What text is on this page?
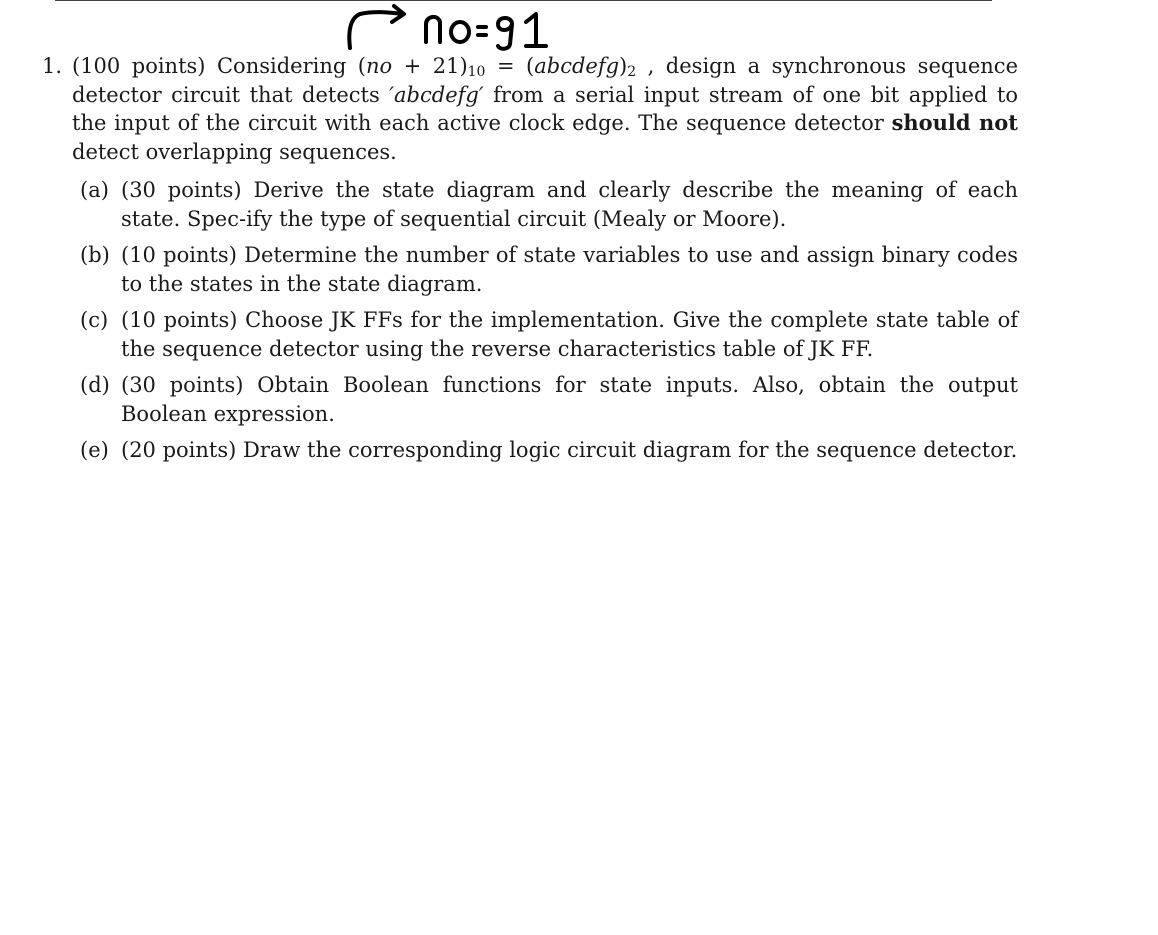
1. (100 points) Considering $(no + 21)_{10}$ = $(abcdefg)_2$ , design a synchronous sequence detector circuit that detects ′abcdefg′ from a serial input stream of one bit applied to the input of the circuit with each active clock edge. The sequence detector should not detect overlapping sequences.
(a) (30 points) Derive the state diagram and clearly describe the meaning of each state. Spec-ify the type of sequential circuit (Mealy or Moore).
(b) (10 points) Determine the number of state variables to use and assign binary codes to the states in the state diagram.
(c) (10 points) Choose JK FFs for the implementation. Give the complete state table of the sequence detector using the reverse characteristics table of JK FF.
(d) (30 points) Obtain Boolean functions for state inputs. Also, obtain the output Boolean expression.
(e) (20 points) Draw the corresponding logic circuit diagram for the sequence detector.
